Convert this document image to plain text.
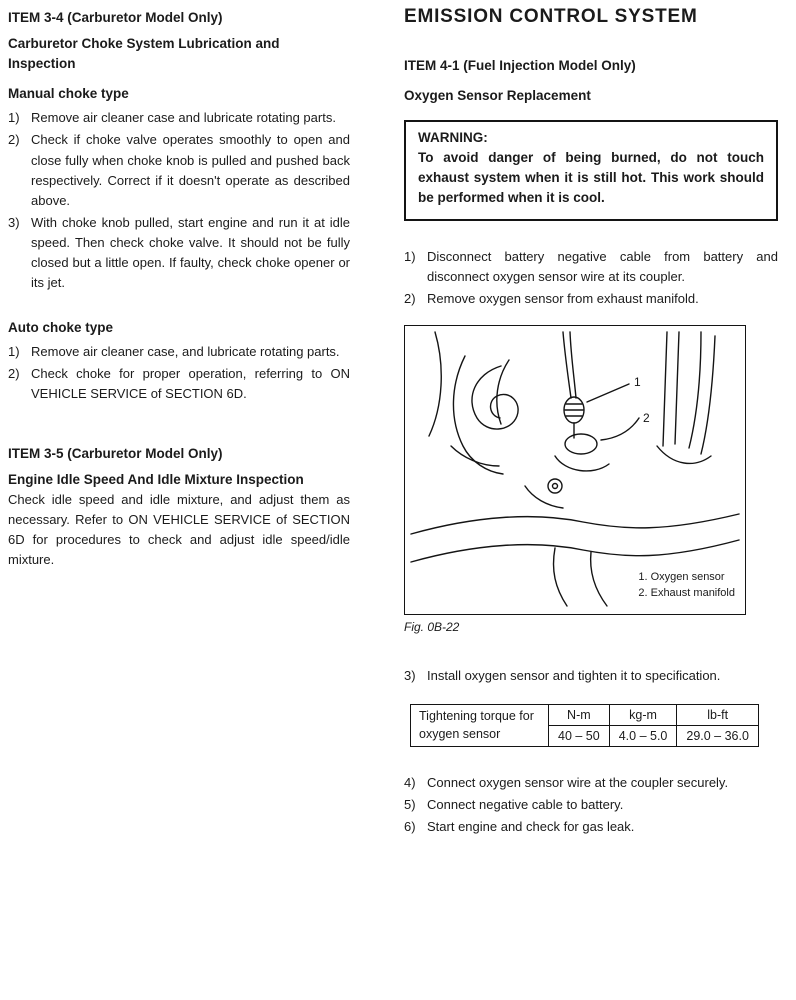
ITEM 3-4 (Carburetor Model Only)
Carburetor Choke System Lubrication and Inspection
Manual choke type
1) Remove air cleaner case and lubricate rotating parts.
2) Check if choke valve operates smoothly to open and close fully when choke knob is pulled and pushed back respectively. Correct if it doesn't operate as described above.
3) With choke knob pulled, start engine and run it at idle speed. Then check choke valve. It should not be fully closed but a little open. If faulty, check choke opener or its jet.
Auto choke type
1) Remove air cleaner case, and lubricate rotating parts.
2) Check choke for proper operation, referring to ON VEHICLE SERVICE of SECTION 6D.
ITEM 3-5 (Carburetor Model Only)
Engine Idle Speed And Idle Mixture Inspection
Check idle speed and idle mixture, and adjust them as necessary. Refer to ON VEHICLE SERVICE of SECTION 6D for procedures to check and adjust idle speed/idle mixture.
EMISSION CONTROL SYSTEM
ITEM 4-1 (Fuel Injection Model Only)
Oxygen Sensor Replacement
WARNING:
To avoid danger of being burned, do not touch exhaust system when it is still hot. This work should be performed when it is cool.
1) Disconnect battery negative cable from battery and disconnect oxygen sensor wire at its coupler.
2) Remove oxygen sensor from exhaust manifold.
1
2
1. Oxygen sensor
2. Exhaust manifold
Fig. 0B-22
3) Install oxygen sensor and tighten it to specification.
Tightening torque for oxygen sensor	N-m	kg-m	lb-ft
	40 – 50	4.0 – 5.0	29.0 – 36.0
4) Connect oxygen sensor wire at the coupler securely.
5) Connect negative cable to battery.
6) Start engine and check for gas leak.
